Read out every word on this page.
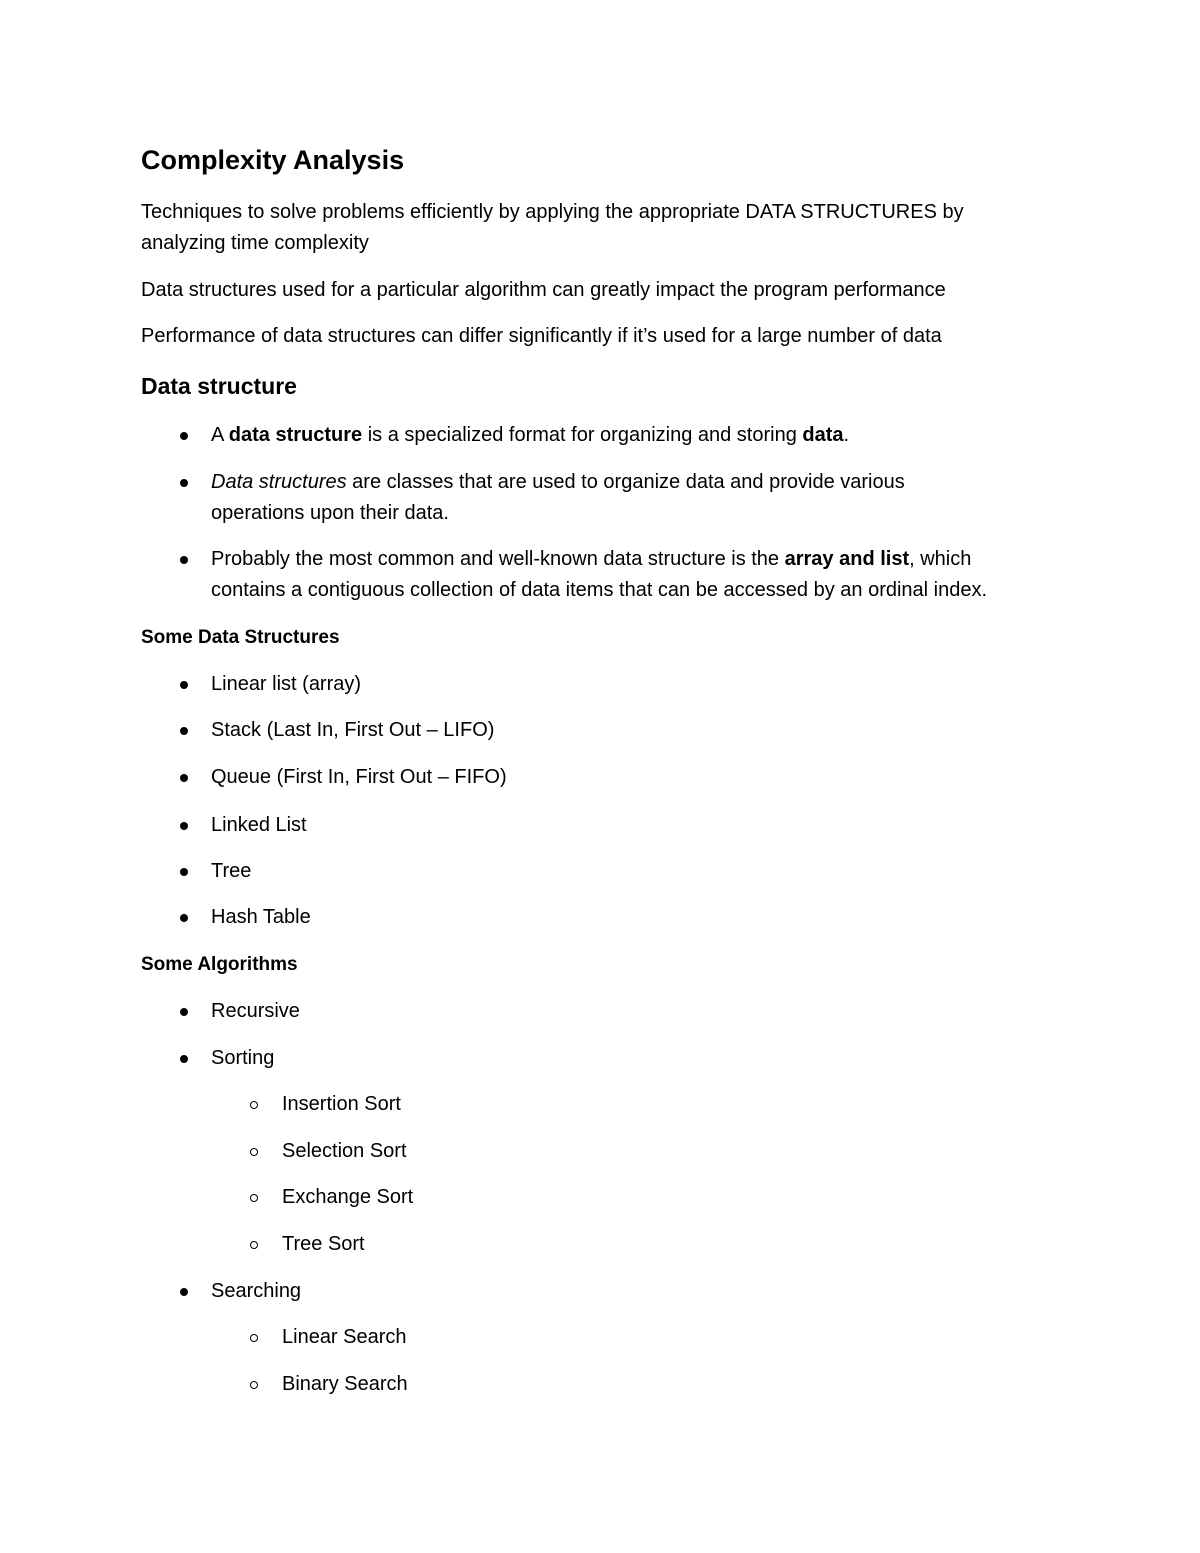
Complexity Analysis
Techniques to solve problems efficiently by applying the appropriate DATA STRUCTURES by
analyzing time complexity
Data structures used for a particular algorithm can greatly impact the program performance
Performance of data structures can differ significantly if it’s used for a large number of data
Data structure
A data structure is a specialized format for organizing and storing data.
Data structures are classes that are used to organize data and provide various
operations upon their data.
Probably the most common and well-known data structure is the array and list, which
contains a contiguous collection of data items that can be accessed by an ordinal index.
Some Data Structures
Linear list (array)
Stack (Last In, First Out – LIFO)
Queue (First In, First Out – FIFO)
Linked List
Tree
Hash Table
Some Algorithms
Recursive
Sorting
Insertion Sort
Selection Sort
Exchange Sort
Tree Sort
Searching
Linear Search
Binary Search
